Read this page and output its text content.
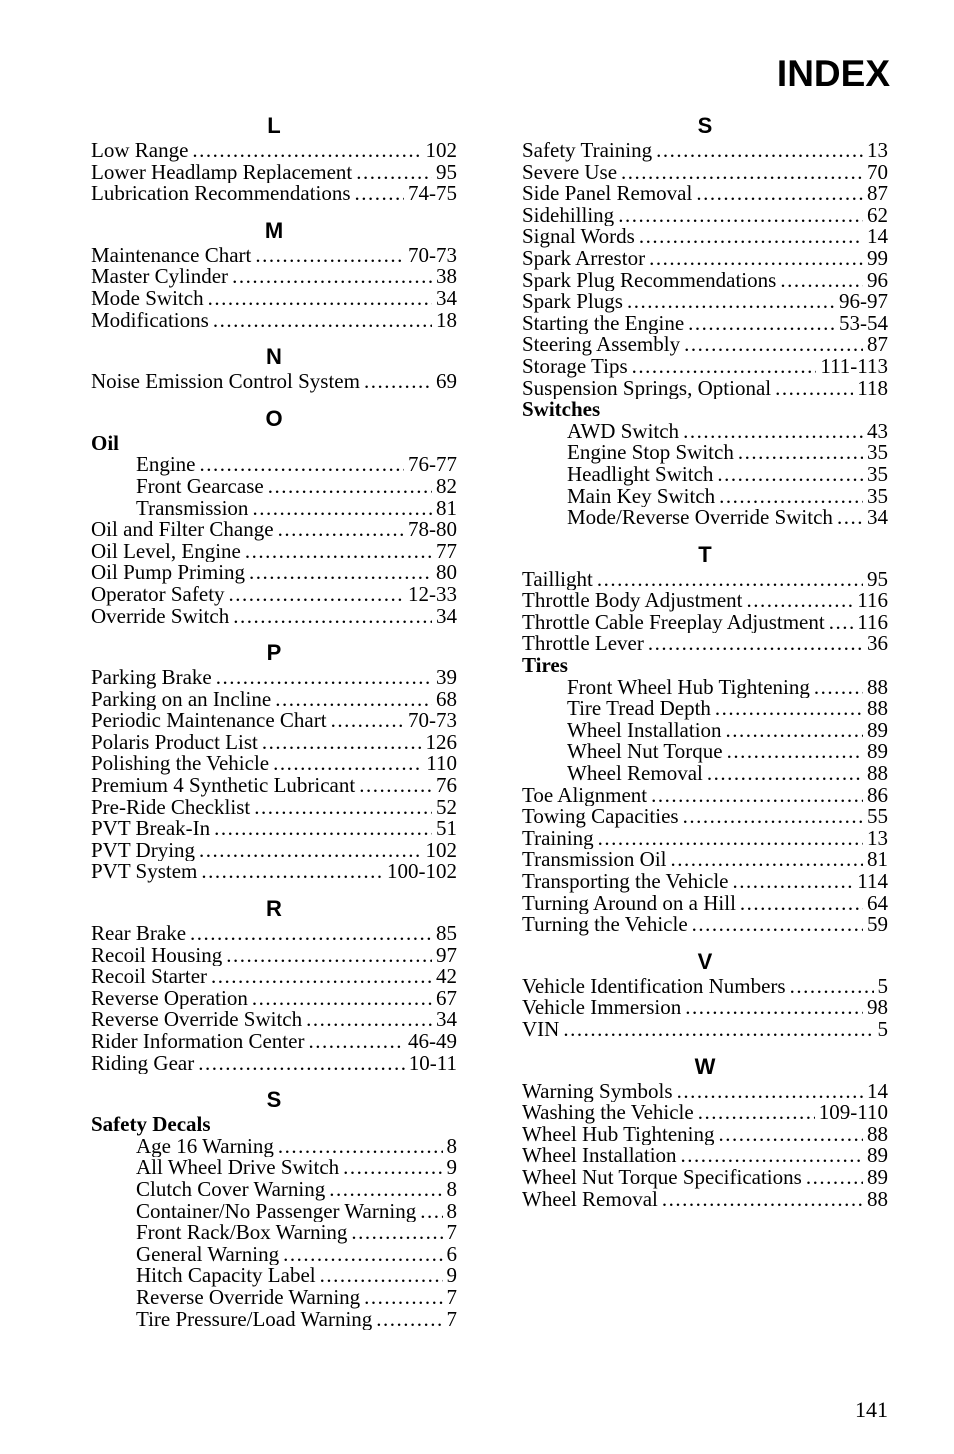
INDEX
L
Low Range .....	102
Lower Headlamp Replacement .....	95
Lubrication Recommendations .....	74-75
M
Maintenance Chart .....	70-73
Master Cylinder .....	38
Mode Switch .....	34
Modifications .....	18
N
Noise Emission Control System .....	69
O
Oil
Engine .....	76-77
Front Gearcase .....	82
Transmission .....	81
Oil and Filter Change .....	78-80
Oil Level, Engine .....	77
Oil Pump Priming .....	80
Operator Safety .....	12-33
Override Switch .....	34
P
Parking Brake .....	39
Parking on an Incline .....	68
Periodic Maintenance Chart .....	70-73
Polaris Product List .....	126
Polishing the Vehicle .....	110
Premium 4 Synthetic Lubricant .....	76
Pre-Ride Checklist .....	52
PVT Break-In .....	51
PVT Drying .....	102
PVT System .....	100-102
R
Rear Brake .....	85
Recoil Housing .....	97
Recoil Starter .....	42
Reverse Operation .....	67
Reverse Override Switch .....	34
Rider Information Center .....	46-49
Riding Gear .....	10-11
S
Safety Decals
Age 16 Warning .....	8
All Wheel Drive Switch .....	9
Clutch Cover Warning .....	8
Container/No Passenger Warning ..... 8
Front Rack/Box Warning .....	7
General Warning .....	6
Hitch Capacity Label .....	9
Reverse Override Warning .....	7
Tire Pressure/Load Warning .....	7
S
Safety Training .....	13
Severe Use .....	70
Side Panel Removal .....	87
Sidehilling .....	62
Signal Words .....	14
Spark Arrestor .....	99
Spark Plug Recommendations .....	96
Spark Plugs .....	96-97
Starting the Engine .....	53-54
Steering Assembly .....	87
Storage Tips .....	111-113
Suspension Springs, Optional .....	118
Switches
AWD Switch .....	43
Engine Stop Switch .....	35
Headlight Switch .....	35
Main Key Switch .....	35
Mode/Reverse Override Switch ..... 34
T
Taillight .....	95
Throttle Body Adjustment .....	116
Throttle Cable Freeplay Adjustment ..... 116
Throttle Lever .....	36
Tires
Front Wheel Hub Tightening .....	88
Tire Tread Depth .....	88
Wheel Installation .....	89
Wheel Nut Torque .....	89
Wheel Removal .....	88
Toe Alignment .....	86
Towing Capacities .....	55
Training .....	13
Transmission Oil .....	81
Transporting the Vehicle .....	114
Turning Around on a Hill .....	64
Turning the Vehicle .....	59
V
Vehicle Identification Numbers .....	5
Vehicle Immersion .....	98
VIN .....	5
W
Warning Symbols .....	14
Washing the Vehicle .....	109-110
Wheel Hub Tightening .....	88
Wheel Installation .....	89
Wheel Nut Torque Specifications .....	89
Wheel Removal .....	88
141
